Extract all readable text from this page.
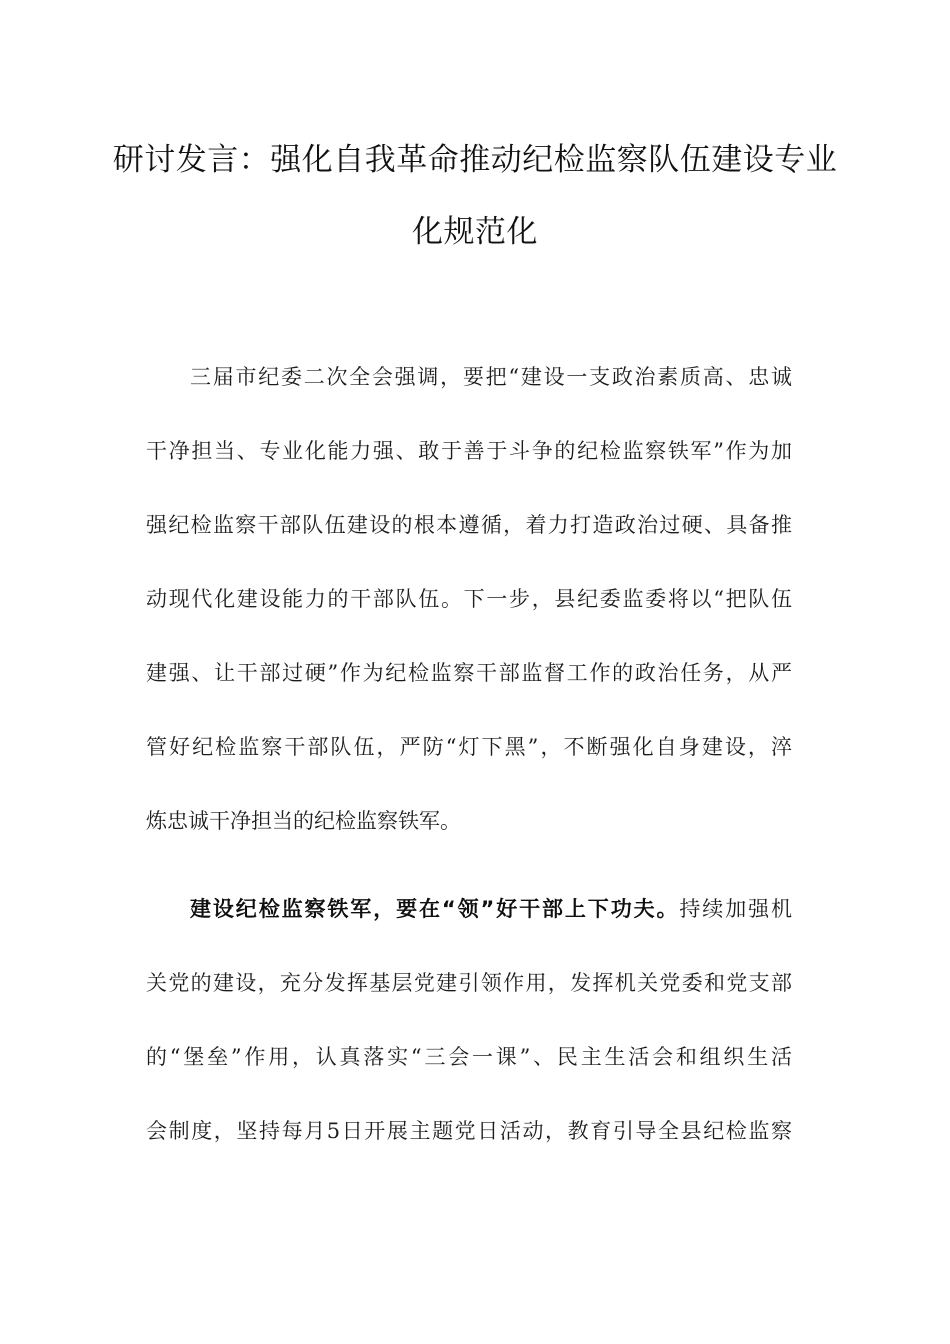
研讨发言：强化自我革命推动纪检监察队伍建设专业
化规范化
三届市纪委二次全会强调，要把“建设一支政治素质高、忠诚
干净担当、专业化能力强、敢于善于斗争的纪检监察铁军”作为加
强纪检监察干部队伍建设的根本遵循，着力打造政治过硬、具备推
动现代化建设能力的干部队伍。下一步，县纪委监委将以“把队伍
建强、让干部过硬”作为纪检监察干部监督工作的政治任务，从严
管好纪检监察干部队伍，严防“灯下黑”，不断强化自身建设，淬
炼忠诚干净担当的纪检监察铁军。
建设纪检监察铁军，要在“领”好干部上下功夫。持续加强机
关党的建设，充分发挥基层党建引领作用，发挥机关党委和党支部
的“堡垒”作用，认真落实“三会一课”、民主生活会和组织生活
会制度，坚持每月5日开展主题党日活动，教育引导全县纪检监察
